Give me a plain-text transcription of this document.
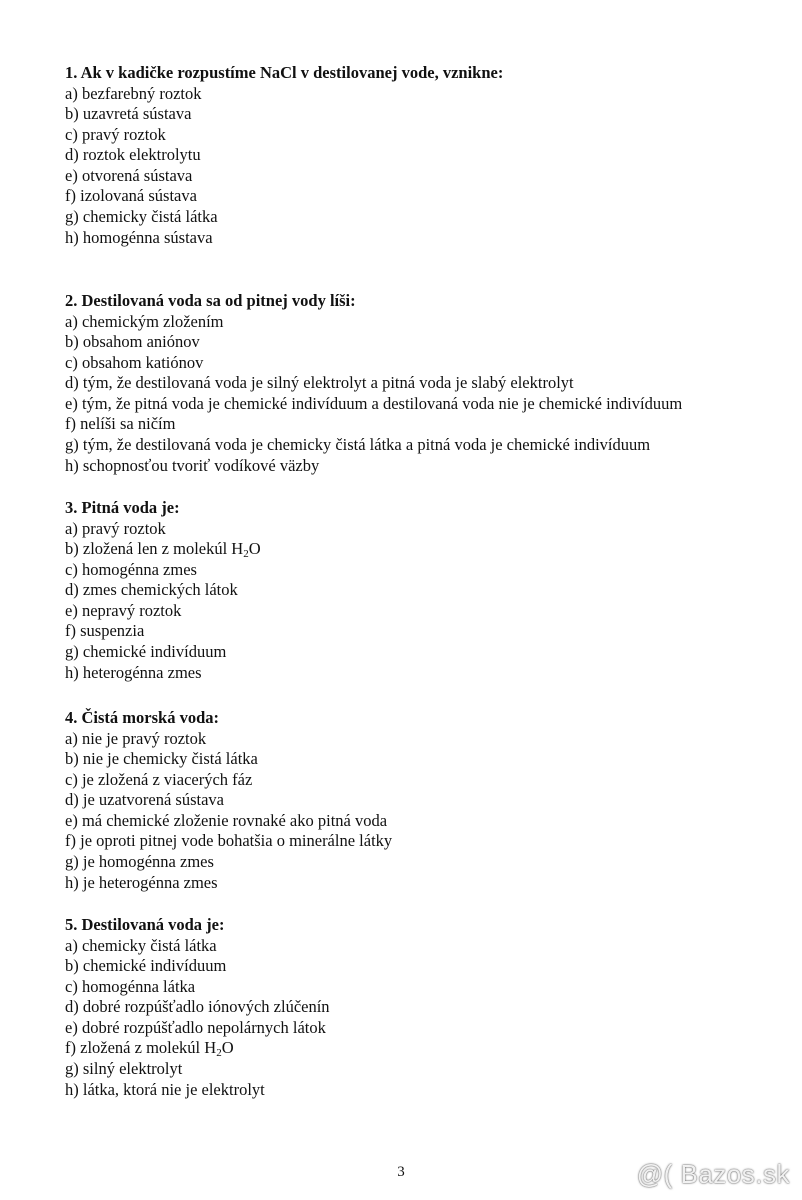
1. Ak v kadičke rozpustíme NaCl v destilovanej vode, vznikne:

a) bezfarebný roztok
b) uzavretá sústava
c) pravý roztok
d) roztok elektrolytu
e) otvorená sústava
f) izolovaná sústava
g) chemicky čistá látka
h) homogénna sústava

2. Destilovaná voda sa od pitnej vody líši:

a) chemickým zložením
b) obsahom aniónov
c) obsahom katiónov
d) tým, že destilovaná voda je silný elektrolyt a pitná voda je slabý elektrolyt
e) tým, že pitná voda je chemické indivíduum a destilovaná voda nie je chemické indivíduum
f) nelíši sa ničím
g) tým, že destilovaná voda je chemicky čistá látka a pitná voda je chemické indivíduum
h) schopnosťou tvoriť vodíkové väzby

3. Pitná voda je:

a) pravý roztok
b) zložená len z molekúl $H_2O$
c) homogénna zmes
d) zmes chemických látok
e) nepravý roztok
f) suspenzia
g) chemické indivíduum
h) heterogénna zmes

4. Čistá morská voda:

a) nie je pravý roztok
b) nie je chemicky čistá látka
c) je zložená z viacerých fáz
d) je uzatvorená sústava
e) má chemické zloženie rovnaké ako pitná voda
f) je oproti pitnej vode bohatšia o minerálne látky
g) je homogénna zmes
h) je heterogénna zmes

5. Destilovaná voda je:

a) chemicky čistá látka
b) chemické indivíduum
c) homogénna látka
d) dobré rozpúšťadlo iónových zlúčenín
e) dobré rozpúšťadlo nepolárnych látok
f) zložená z molekúl $H_2O$
g) silný elektrolyt
h) látka, ktorá nie je elektrolyt
3	@( Bazos.sk
